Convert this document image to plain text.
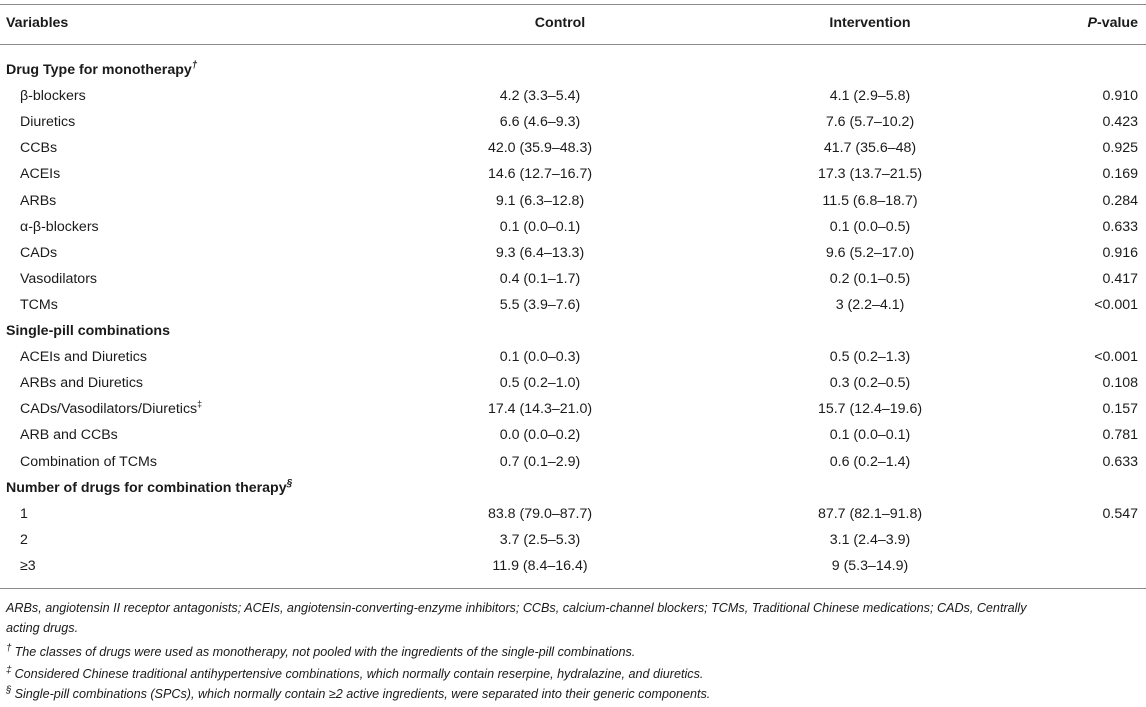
Variables	Control	Intervention	P-value
Drug Type for monotherapy†
β-blockers	4.2 (3.3–5.4)	4.1 (2.9–5.8)	0.910
Diuretics	6.6 (4.6–9.3)	7.6 (5.7–10.2)	0.423
CCBs	42.0 (35.9–48.3)	41.7 (35.6–48)	0.925
ACEIs	14.6 (12.7–16.7)	17.3 (13.7–21.5)	0.169
ARBs	9.1 (6.3–12.8)	11.5 (6.8–18.7)	0.284
α-β-blockers	0.1 (0.0–0.1)	0.1 (0.0–0.5)	0.633
CADs	9.3 (6.4–13.3)	9.6 (5.2–17.0)	0.916
Vasodilators	0.4 (0.1–1.7)	0.2 (0.1–0.5)	0.417
TCMs	5.5 (3.9–7.6)	3 (2.2–4.1)	<0.001
Single-pill combinations
ACEIs and Diuretics	0.1 (0.0–0.3)	0.5 (0.2–1.3)	<0.001
ARBs and Diuretics	0.5 (0.2–1.0)	0.3 (0.2–0.5)	0.108
CADs/Vasodilators/Diuretics‡	17.4 (14.3–21.0)	15.7 (12.4–19.6)	0.157
ARB and CCBs	0.0 (0.0–0.2)	0.1 (0.0–0.1)	0.781
Combination of TCMs	0.7 (0.1–2.9)	0.6 (0.2–1.4)	0.633
Number of drugs for combination therapy§
1	83.8 (79.0–87.7)	87.7 (82.1–91.8)	0.547
2	3.7 (2.5–5.3)	3.1 (2.4–3.9)
≥3	11.9 (8.4–16.4)	9 (5.3–14.9)
ARBs, angiotensin II receptor antagonists; ACEIs, angiotensin-converting-enzyme inhibitors; CCBs, calcium-channel blockers; TCMs, Traditional Chinese medications; CADs, Centrally
acting drugs.
† The classes of drugs were used as monotherapy, not pooled with the ingredients of the single-pill combinations.
‡ Considered Chinese traditional antihypertensive combinations, which normally contain reserpine, hydralazine, and diuretics.
§ Single-pill combinations (SPCs), which normally contain ≥2 active ingredients, were separated into their generic components.
